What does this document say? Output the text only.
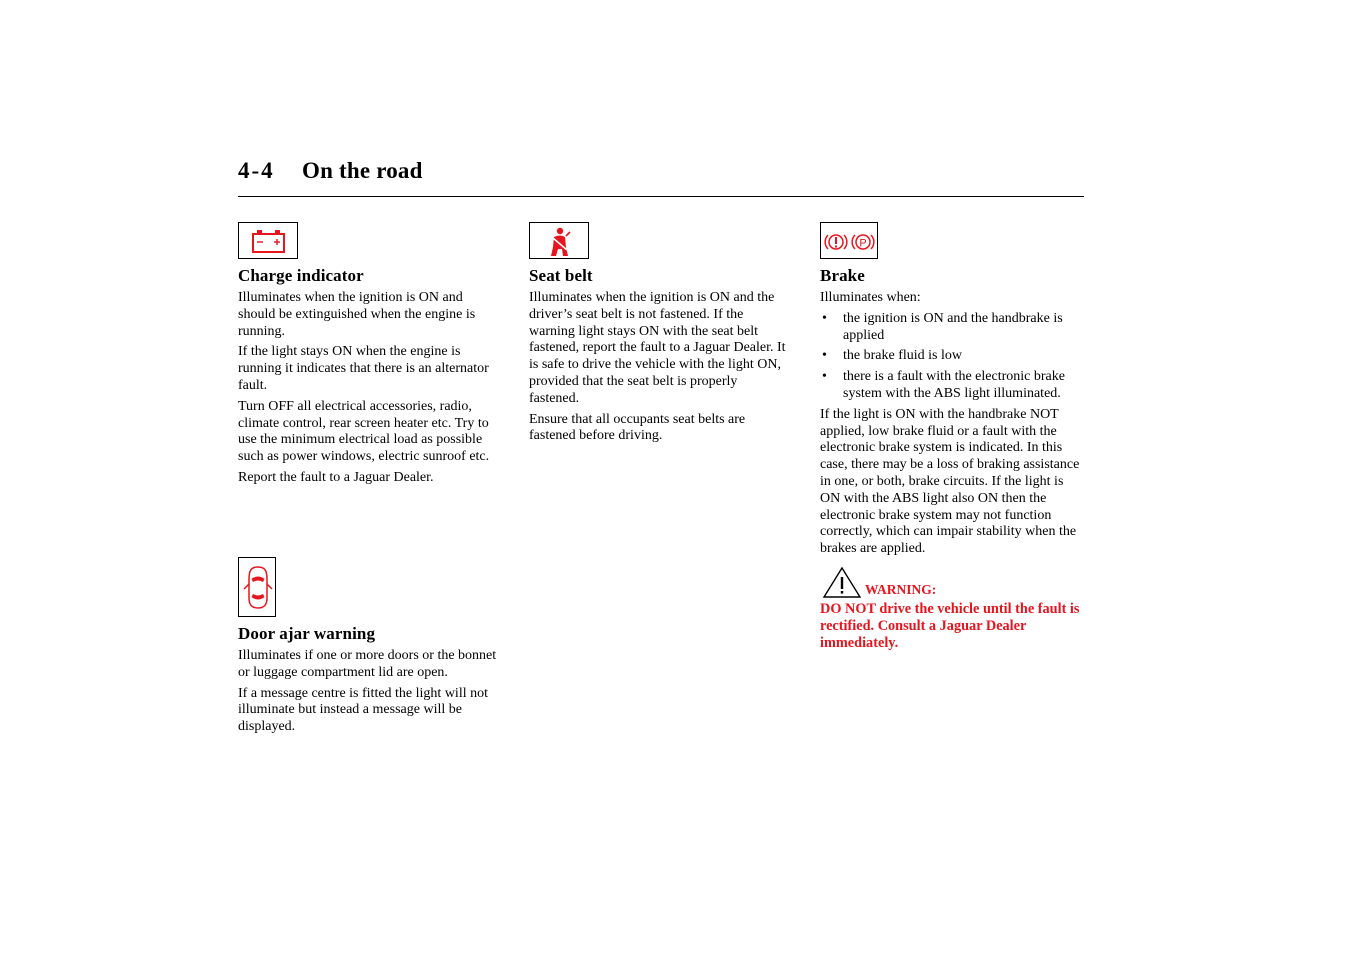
4-4 On the road
Charge indicator

Illuminates when the ignition is ON and should be extinguished when the engine is running.

If the light stays ON when the engine is running it indicates that there is an alternator fault.

Turn OFF all electrical accessories, radio, climate control, rear screen heater etc. Try to use the minimum electrical load as possible such as power windows, electric sunroof etc.

Report the fault to a Jaguar Dealer.

Seat belt

Illuminates when the ignition is ON and the driver’s seat belt is not fastened. If the warning light stays ON with the seat belt fastened, report the fault to a Jaguar Dealer. It is safe to drive the vehicle with the light ON, provided that the seat belt is properly fastened.

Ensure that all occupants seat belts are fastened before driving.

P
Brake

Illuminates when:

• the ignition is ON and the handbrake is applied
• the brake fluid is low
• there is a fault with the electronic brake system with the ABS light illuminated.

If the light is ON with the handbrake NOT applied, low brake fluid or a fault with the electronic brake system is indicated. In this case, there may be a loss of braking assistance in one, or both, brake circuits. If the light is ON with the ABS light also ON then the electronic brake system may not function correctly, which can impair stability when the brakes are applied.

WARNING:
DO NOT drive the vehicle until the fault is rectified. Consult a Jaguar Dealer immediately.
Door ajar warning

Illuminates if one or more doors or the bonnet or luggage compartment lid are open.

If a message centre is fitted the light will not illuminate but instead a message will be displayed.
